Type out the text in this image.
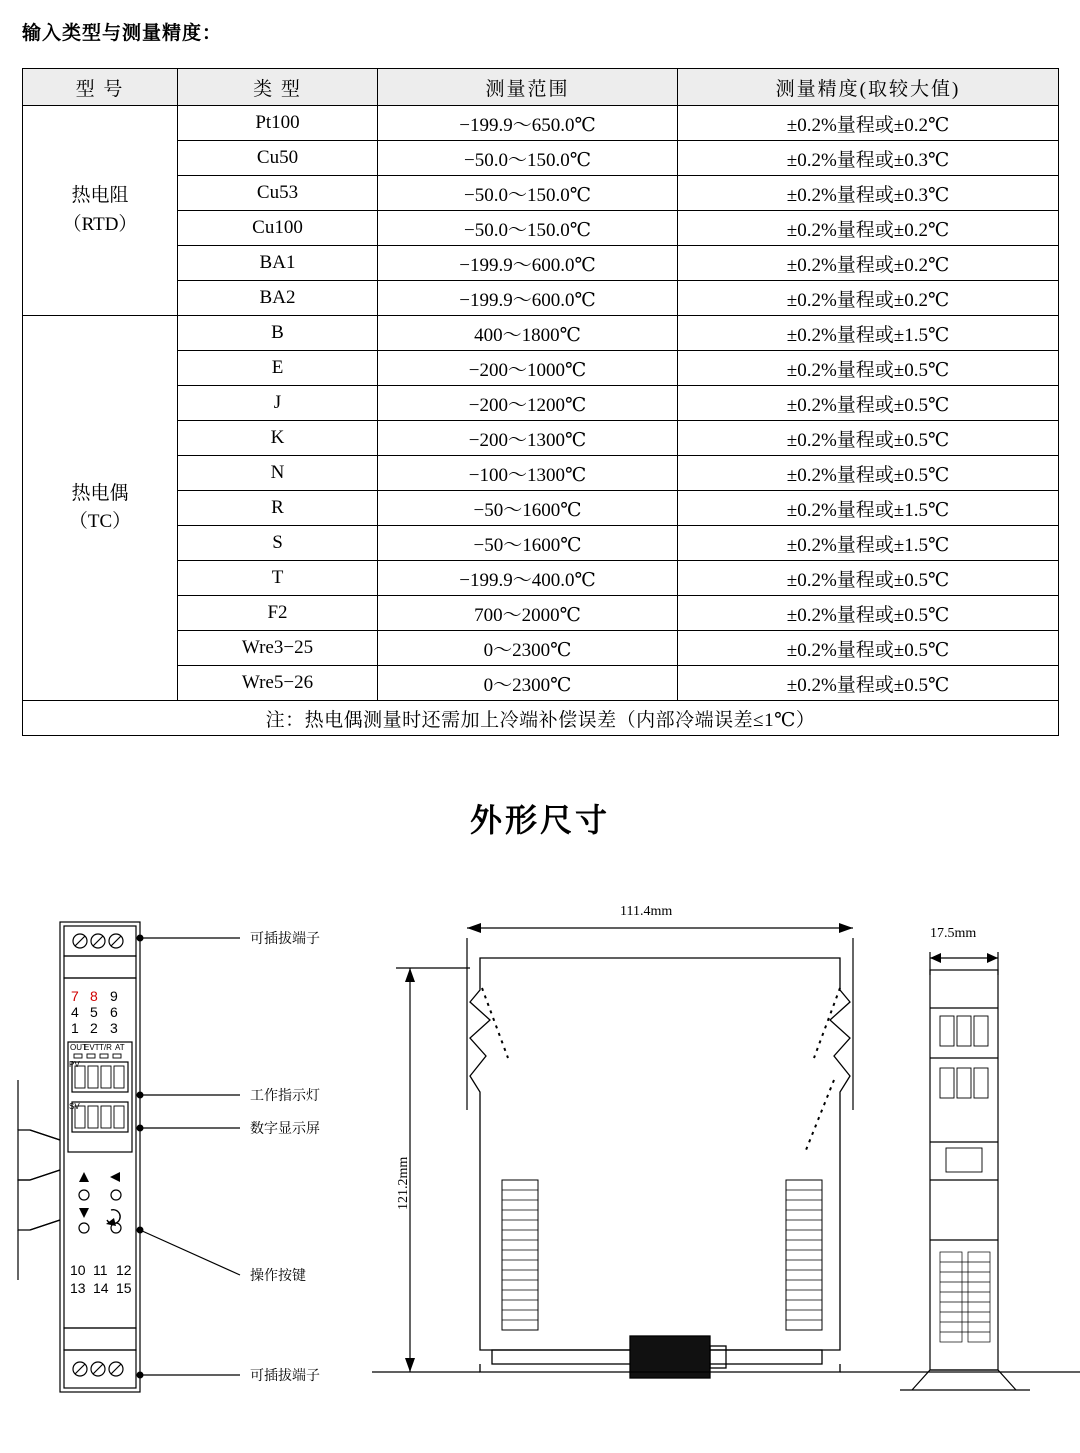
输入类型与测量精度：
型 号	类 型	测量范围	测量精度(取较大值)

热电阻
（RTD）	Pt100	−199.9～650.0℃	±0.2%量程或±0.2℃
	Cu50	−50.0～150.0℃	±0.2%量程或±0.3℃
	Cu53	−50.0～150.0℃	±0.2%量程或±0.3℃
	Cu100	−50.0～150.0℃	±0.2%量程或±0.2℃
	BA1	−199.9～600.0℃	±0.2%量程或±0.2℃
	BA2	−199.9～600.0℃	±0.2%量程或±0.2℃

热电偶
（TC）	B	400～1800℃	±0.2%量程或±1.5℃
	E	−200～1000℃	±0.2%量程或±0.5℃
	J	−200～1200℃	±0.2%量程或±0.5℃
	K	−200～1300℃	±0.2%量程或±0.5℃
	N	−100～1300℃	±0.2%量程或±0.5℃
	R	−50～1600℃	±0.2%量程或±1.5℃
	S	−50～1600℃	±0.2%量程或±1.5℃
	T	−199.9～400.0℃	±0.2%量程或±0.5℃
	F2	700～2000℃	±0.2%量程或±0.5℃
	Wre3−25	0～2300℃	±0.2%量程或±0.5℃
	Wre5−26	0～2300℃	±0.2%量程或±0.5℃
注：热电偶测量时还需加上冷端补偿误差（内部冷端误差≤1℃）			
外形尺寸
7 8 9
4 5 6
1 2 3
OUT
EVT T/R AT
PV
SV
10 11 12
13 14 15
可插拔端子
工作指示灯
数字显示屏
操作按键
可插拔端子
111.4mm
121.2mm
17.5mm
